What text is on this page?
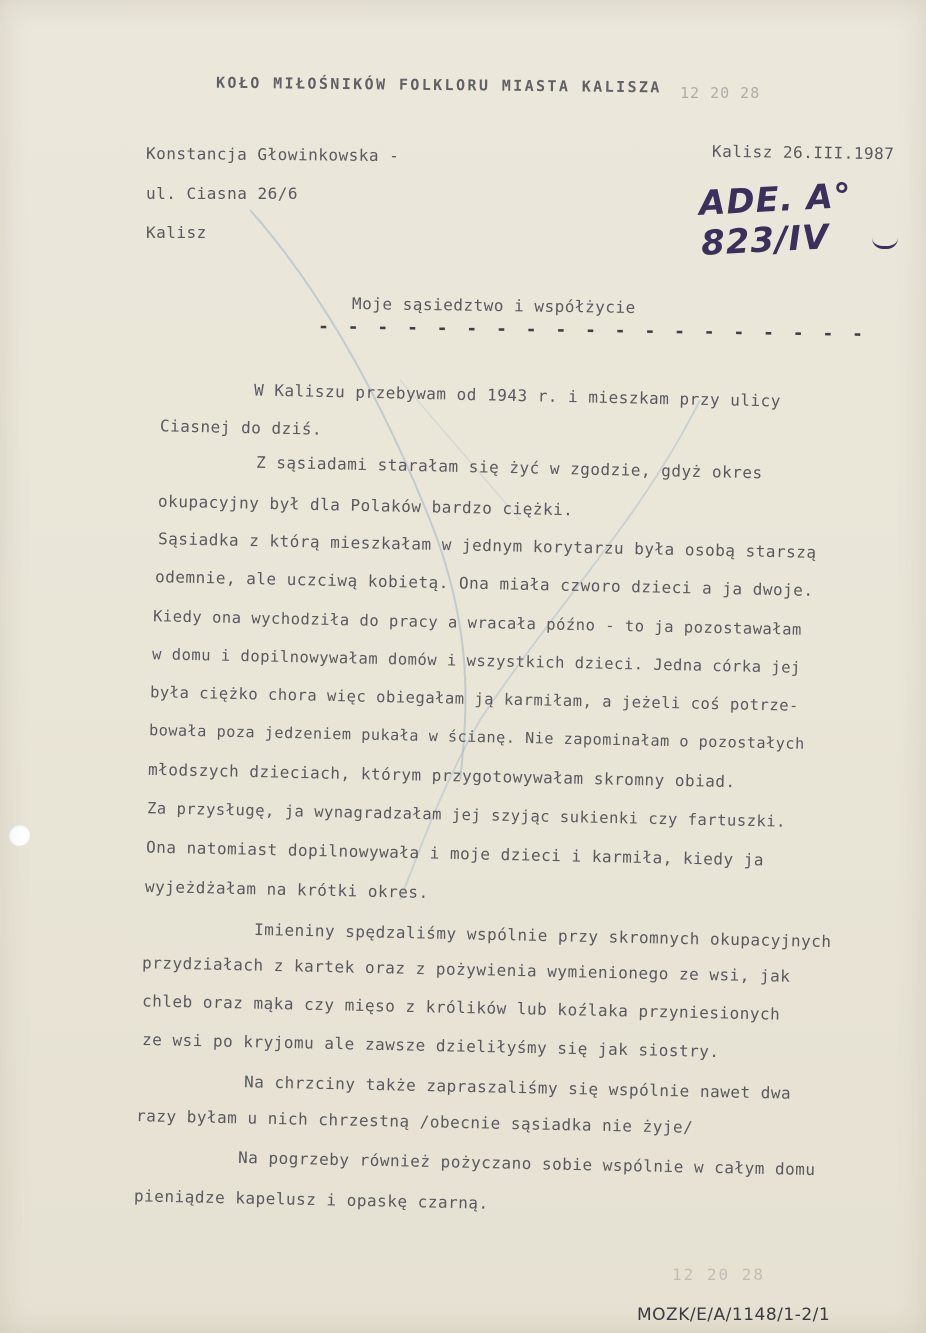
KOŁO MIŁOŚNIKÓW FOLKLORU MIASTA KALISZA 12 20 28
Konstancja Głowinkowska -
ul. Ciasna 26/6
Kalisz
Kalisz 26.III.1987
ADE. A° 823/IV
Moje sąsiedztwo i współżycie
- - - - - - - - - - - - - - - - - - -
W Kaliszu przebywam od 1943 r. i mieszkam przy ulicy
Ciasnej do dziś.
Z sąsiadami starałam się żyć w zgodzie, gdyż okres
okupacyjny był dla Polaków bardzo ciężki.
Sąsiadka z którą mieszkałam w jednym korytarzu była osobą starszą
odemnie, ale uczciwą kobietą. Ona miała czworo dzieci a ja dwoje.
Kiedy ona wychodziła do pracy a wracała późno - to ja pozostawałam
w domu i dopilnowywałam domów i wszystkich dzieci. Jedna córka jej
była ciężko chora więc obiegałam ją karmiłam, a jeżeli coś potrze-
bowała poza jedzeniem pukała w ścianę. Nie zapominałam o pozostałych
młodszych dzieciach, którym przygotowywałam skromny obiad.
Za przysługę, ja wynagradzałam jej szyjąc sukienki czy fartuszki.
Ona natomiast dopilnowywała i moje dzieci i karmiła, kiedy ja
wyjeżdżałam na krótki okres.
Imieniny spędzaliśmy wspólnie przy skromnych okupacyjnych
przydziałach z kartek oraz z pożywienia wymienionego ze wsi, jak
chleb oraz mąka czy mięso z królików lub koźlaka przyniesionych
ze wsi po kryjomu ale zawsze dzieliłyśmy się jak siostry.
Na chrzciny także zapraszaliśmy się wspólnie nawet dwa
razy byłam u nich chrzestną /obecnie sąsiadka nie żyje/
Na pogrzeby również pożyczano sobie wspólnie w całym domu
pieniądze kapelusz i opaskę czarną.
12 20 28
MOZK/E/A/1148/1-2/1
